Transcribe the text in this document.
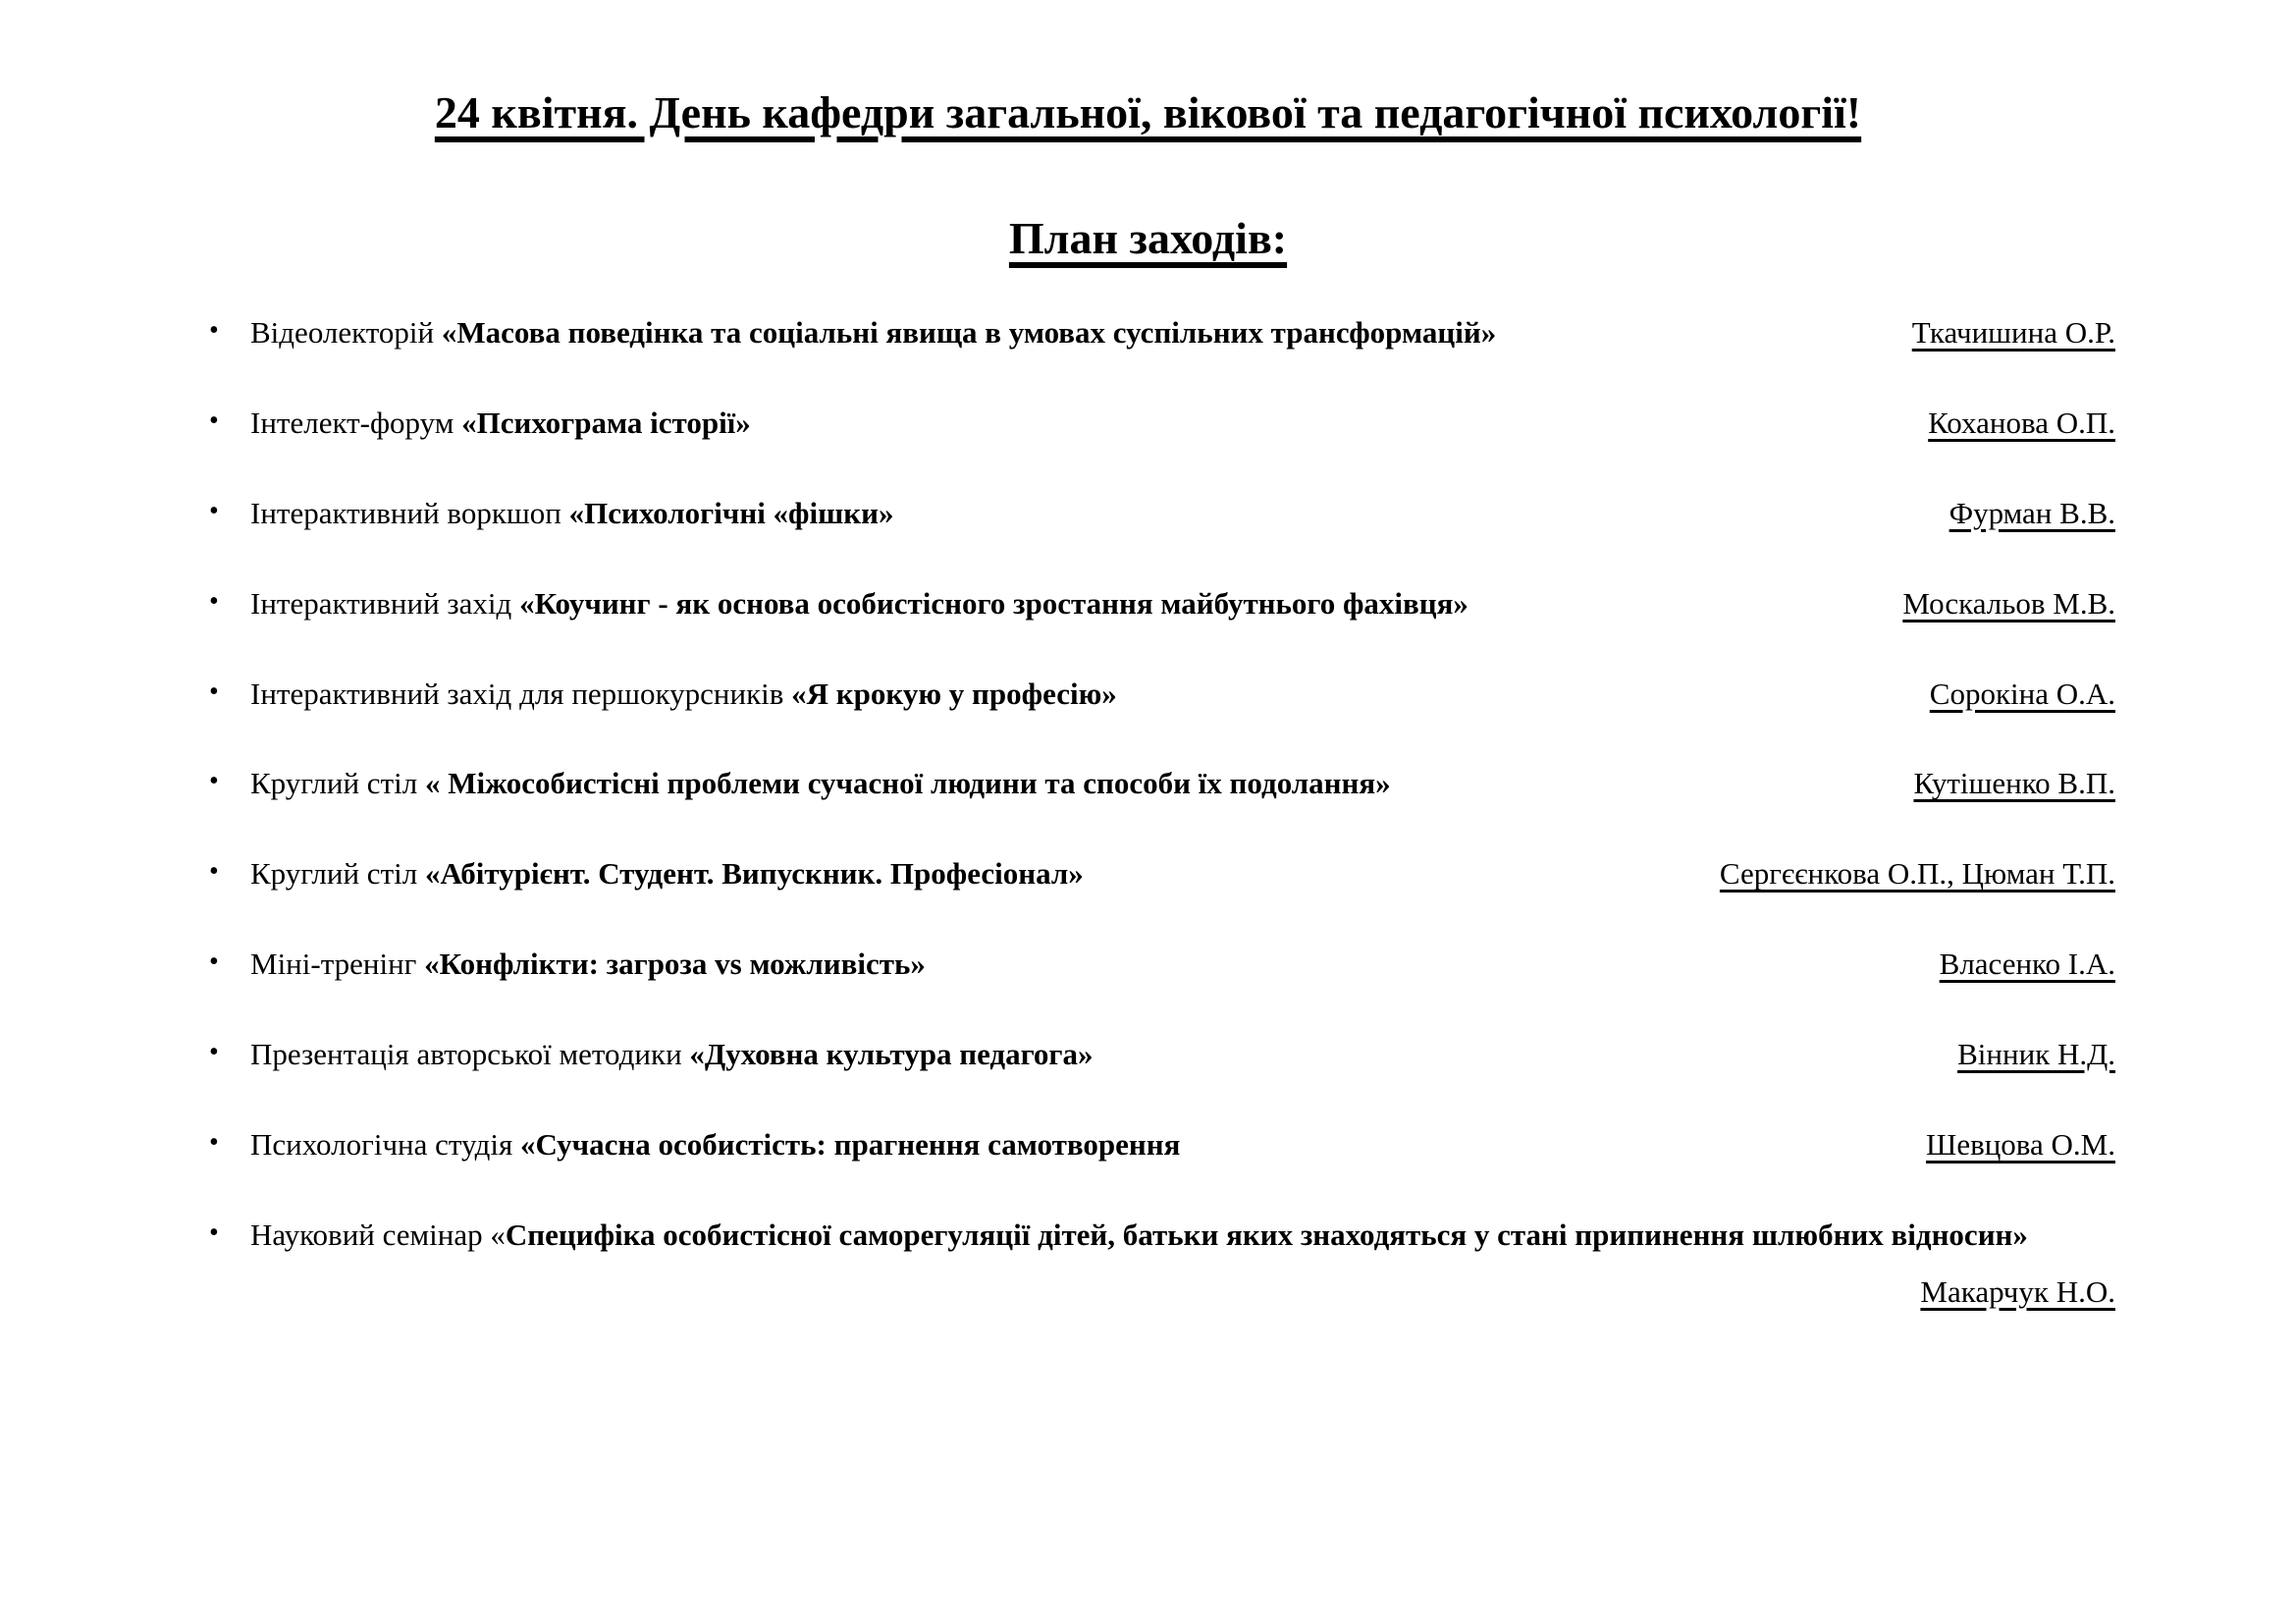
24 квітня. День кафедри загальної, вікової та педагогічної психології!
План заходів:
•	Відеолекторій «Масова поведінка та соціальні явища в умовах суспільних трансформацій»	Ткачишина О.Р.
•	Інтелект-форум «Психограма історії»	Коханова О.П.
•	Інтерактивний воркшоп «Психологічні «фішки»	Фурман В.В.
•	Інтерактивний захід «Коучинг - як основа особистісного зростання майбутнього фахівця»	Москальов М.В.
•	Інтерактивний захід для першокурсників «Я крокую у професію»	Сорокіна О.А.
•	Круглий стіл « Міжособистісні проблеми сучасної людини та способи їх подолання»	Кутішенко В.П.
•	Круглий стіл «Абітурієнт. Студент. Випускник. Професіонал»	Сергєєнкова О.П., Цюман Т.П.
•	Міні-тренінг «Конфлікти: загроза vs можливість»	Власенко І.А.
•	Презентація авторської методики «Духовна культура педагога»	Вінник Н.Д.
•	Психологічна студія «Сучасна особистість: прагнення самотворення	Шевцова О.М.
•	Науковий семінар «Специфіка особистісної саморегуляції дітей, батьки яких знаходяться у стані припинення шлюбних відносин»
Макарчук Н.О.
